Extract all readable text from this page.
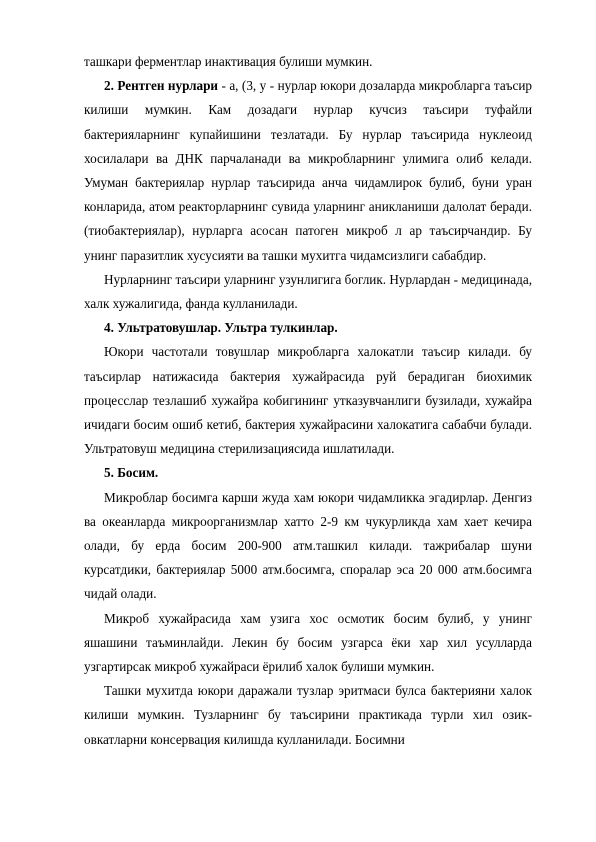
ташкари ферментлар инактивация булиши мумкин.

2. Рентген нурлари - a, (3, у - нурлар юкори дозаларда микробларга таъсир килиши мумкин. Кам дозадаги нурлар кучсиз таъсири туфайли бактерияларнинг купайишини тезлатади. Бу нурлар таъсирида нуклеоид хосилалари ва ДНК парчаланади ва микробларнинг улимига олиб келади. Умуман бактериялар нурлар таъсирида анча чидамлирок булиб, буни уран конларида, атом реакторларнинг сувида уларнинг аникланиши далолат беради. (тиобактериялар), нурларга асосан патоген микроб л ар таъсирчандир. Бу унинг паразитлик хусусияти ва ташки мухитга чидамсизлиги сабабдир.

Нурларнинг таъсири уларнинг узунлигига боглик. Нурлардан - медицинада, халк хужалигида, фанда кулланилади.

4. Ультратовушлар. Ультра тулкинлар.

Юкори частотали товушлар микробларга халокатли таъсир килади. бу таъсирлар натижасида бактерия хужайрасида руй берадиган биохимик процесслар тезлашиб хужайра кобигининг утказувчанлиги бузилади, хужайра ичидаги босим ошиб кетиб, бактерия хужайрасини халокатига сабабчи булади. Ультратовуш медицина стерилизациясида ишлатилади.

5. Босим.

Микроблар босимга карши жуда хам юкори чидамликка эгадирлар. Денгиз ва океанларда микроорганизмлар хатто 2-9 км чукурликда хам хает кечира олади, бу ерда босим 200-900 атм.ташкил килади. тажрибалар шуни курсатдики, бактериялар 5000 атм.босимга, споралар эса 20 000 атм.босимга чидай олади.

Микроб хужайрасида хам узига хос осмотик босим булиб, у унинг яшашини таъминлайди. Лекин бу босим узгарса ёки хар хил усулларда узгартирсак микроб хужайраси ёрилиб халок булиши мумкин.

Ташки мухитда юкори даражали тузлар эритмаси булса бактерияни халок килиши мумкин. Тузларнинг бу таъсирини практикада турли хил озик-овкатларни консервация килишда кулланилади. Босимни
